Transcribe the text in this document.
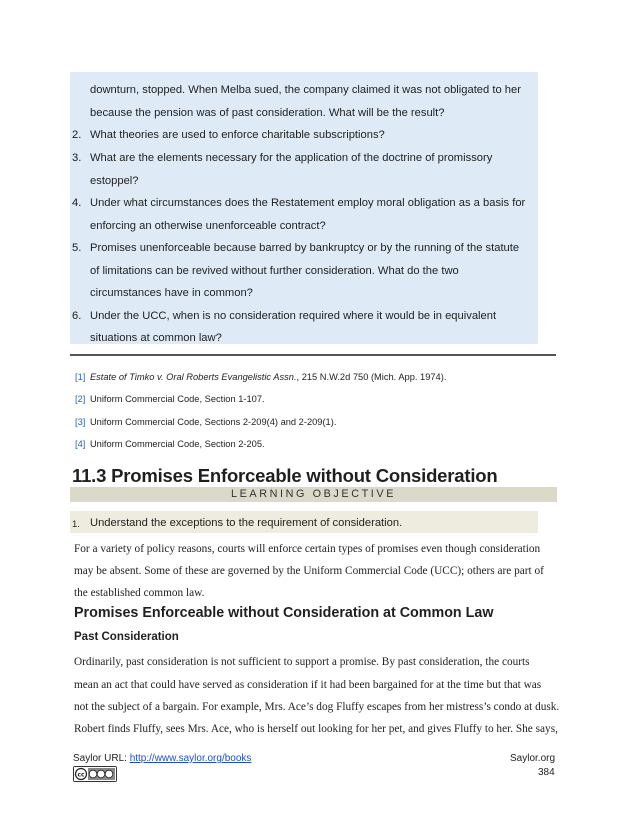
downturn, stopped. When Melba sued, the company claimed it was not obligated to her
because the pension was of past consideration. What will be the result?
2. What theories are used to enforce charitable subscriptions?
3. What are the elements necessary for the application of the doctrine of promissory
estoppel?
4. Under what circumstances does the Restatement employ moral obligation as a basis for
enforcing an otherwise unenforceable contract?
5. Promises unenforceable because barred by bankruptcy or by the running of the statute
of limitations can be revived without further consideration. What do the two
circumstances have in common?
6. Under the UCC, when is no consideration required where it would be in equivalent
situations at common law?
[1] Estate of Timko v. Oral Roberts Evangelistic Assn., 215 N.W.2d 750 (Mich. App. 1974).
[2] Uniform Commercial Code, Section 1-107.
[3] Uniform Commercial Code, Sections 2-209(4) and 2-209(1).
[4] Uniform Commercial Code, Section 2-205.
11.3 Promises Enforceable without Consideration
LEARNING OBJECTIVE
1. Understand the exceptions to the requirement of consideration.
For a variety of policy reasons, courts will enforce certain types of promises even though consideration
may be absent. Some of these are governed by the Uniform Commercial Code (UCC); others are part of
the established common law.
Promises Enforceable without Consideration at Common Law
Past Consideration
Ordinarily, past consideration is not sufficient to support a promise. By past consideration, the courts
mean an act that could have served as consideration if it had been bargained for at the time but that was
not the subject of a bargain. For example, Mrs. Ace’s dog Fluffy escapes from her mistress’s condo at dusk.
Robert finds Fluffy, sees Mrs. Ace, who is herself out looking for her pet, and gives Fluffy to her. She says,
Saylor URL: http://www.saylor.org/books
cc
Saylor.org
384
